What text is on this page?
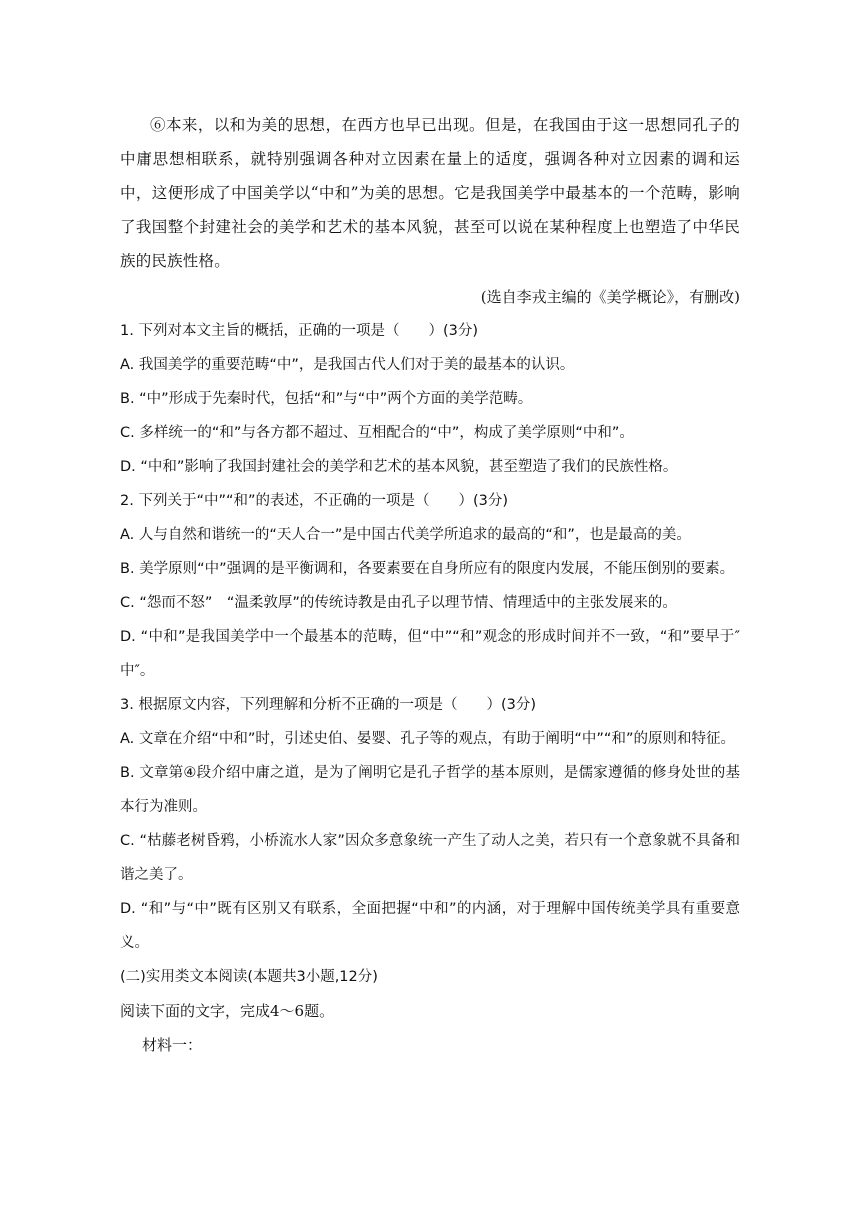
⑥本来，以和为美的思想，在西方也早已出现。但是，在我国由于这一思想同孔子的中庸思想相联系，就特别强调各种对立因素在量上的适度，强调各种对立因素的调和运中，这便形成了中国美学以“中和”为美的思想。它是我国美学中最基本的一个范畴，影响了我国整个封建社会的美学和艺术的基本风貌，甚至可以说在某种程度上也塑造了中华民族的民族性格。

(选自李戎主编的《美学概论》，有删改)

1. 下列对本文主旨的概括，正确的一项是（　　）(3分)

A. 我国美学的重要范畴“中”，是我国古代人们对于美的最基本的认识。

B. “中”形成于先秦时代，包括“和”与“中”两个方面的美学范畴。

C. 多样统一的“和”与各方都不超过、互相配合的“中”，构成了美学原则“中和”。

D. “中和”影响了我国封建社会的美学和艺术的基本风貌，甚至塑造了我们的民族性格。

2. 下列关于“中”“和”的表述，不正确的一项是（　　）(3分)

A. 人与自然和谐统一的“天人合一”是中国古代美学所追求的最高的“和”，也是最高的美。

B. 美学原则“中”强调的是平衡调和，各要素要在自身所应有的限度内发展，不能压倒别的要素。

C. “怨而不怒”　“温柔敦厚”的传统诗教是由孔子以理节情、情理适中的主张发展来的。

D. “中和”是我国美学中一个最基本的范畴，但“中”“和”观念的形成时间并不一致，“和”要早于″中″。

3. 根据原文内容，下列理解和分析不正确的一项是（　　）(3分)

A. 文章在介绍“中和”时，引述史伯、晏婴、孔子等的观点，有助于阐明“中”“和”的原则和特征。

B. 文章第④段介绍中庸之道，是为了阐明它是孔子哲学的基本原则，是儒家遵循的修身处世的基本行为准则。

C. “枯藤老树昏鸦，小桥流水人家”因众多意象统一产生了动人之美，若只有一个意象就不具备和谐之美了。

D. “和”与“中”既有区别又有联系，全面把握“中和”的内涵，对于理解中国传统美学具有重要意义。

(二)实用类文本阅读(本题共3小题,12分)

阅读下面的文字，完成4～6题。

材料一：
